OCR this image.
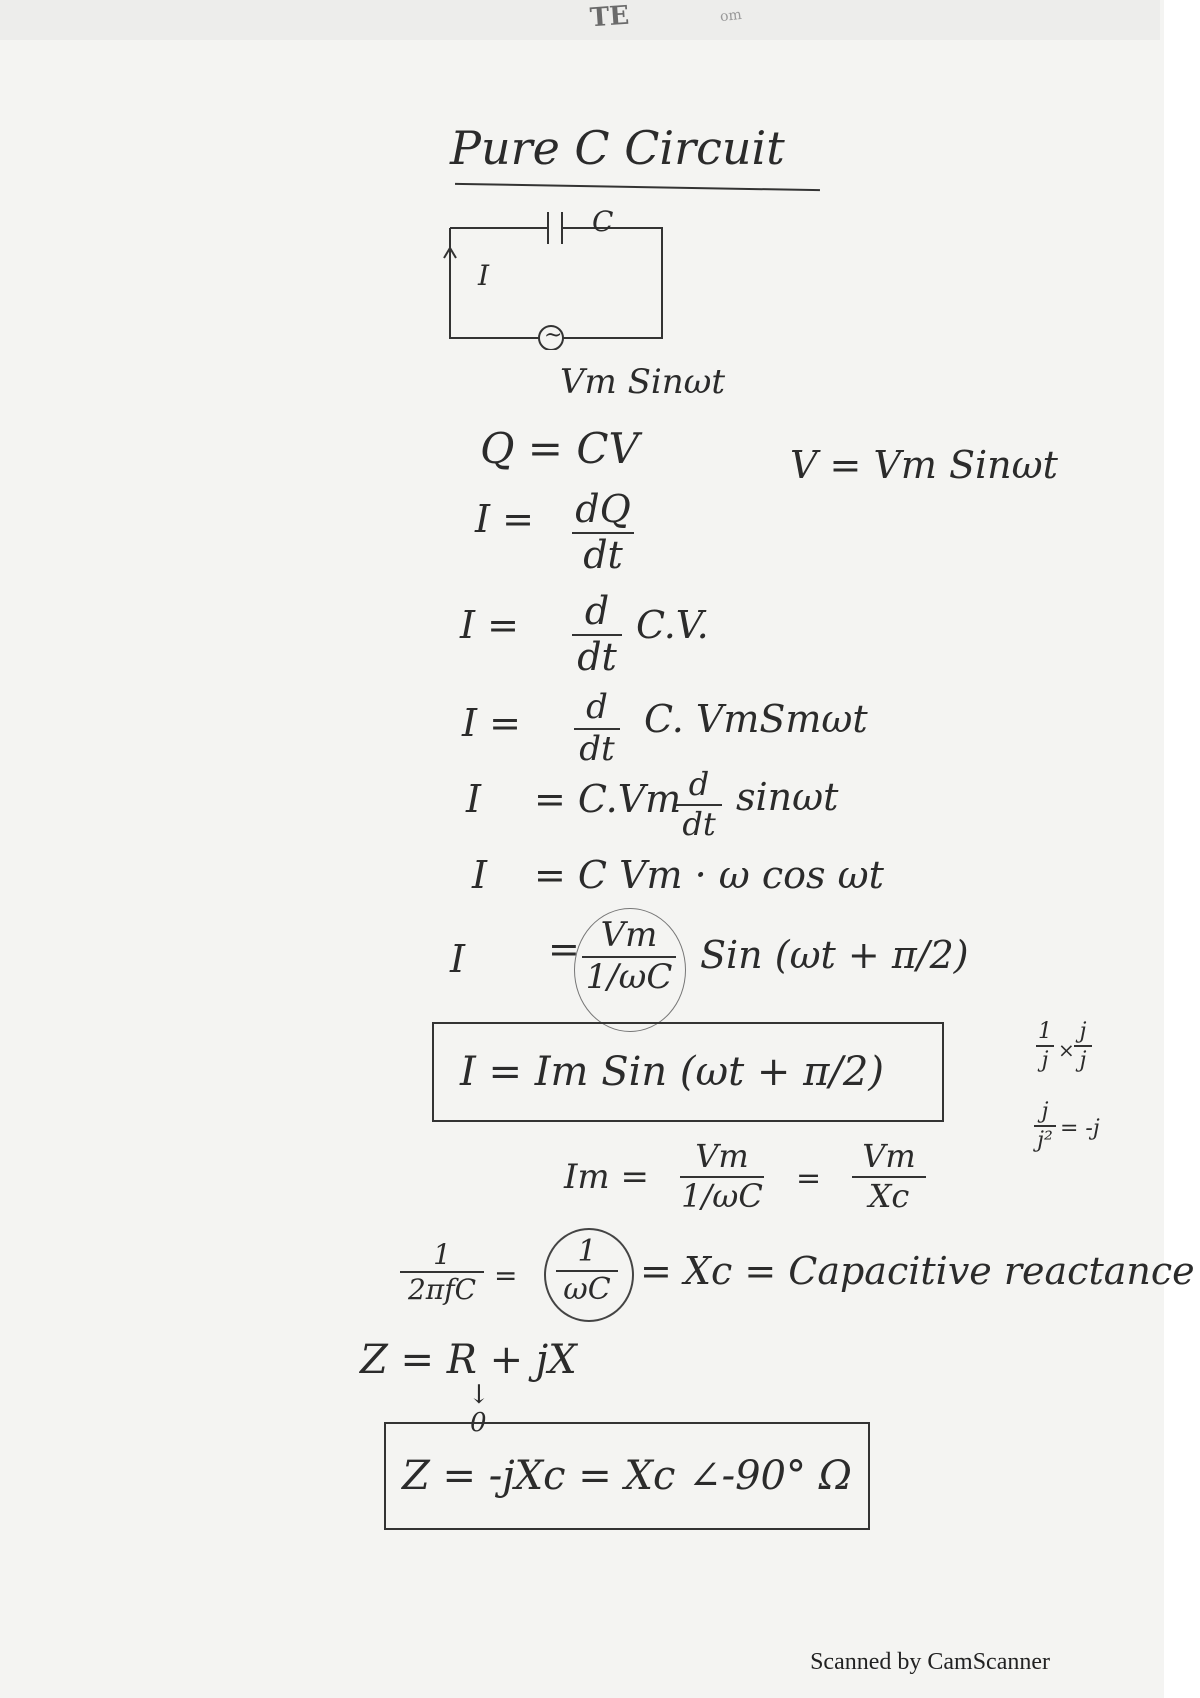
TE	om
Pure C Circuit
C
I
~
Vm Sinωt
Q = CV	V = Vm Sinωt
I = dQ
dt
I =	d
dt
C.V.
I =	d
dt
C. VmSmωt
I = C.Vm d
dt
sinωt
I = C Vm · ω cos ωt
I = Vm
1/ωC Sin (ωt + π/2)
I = Im Sin (ωt + π/2)
1
j ×
j
j
j
j² = -j
Im =
Vm
1/ωC =
Vm
Xc
1
2πfC =
1
ωC = Xc = Capacitive reactance
Z = R + jX
↓
0
Z = -jXc = Xc ∠-90° Ω
Scanned by CamScanner
